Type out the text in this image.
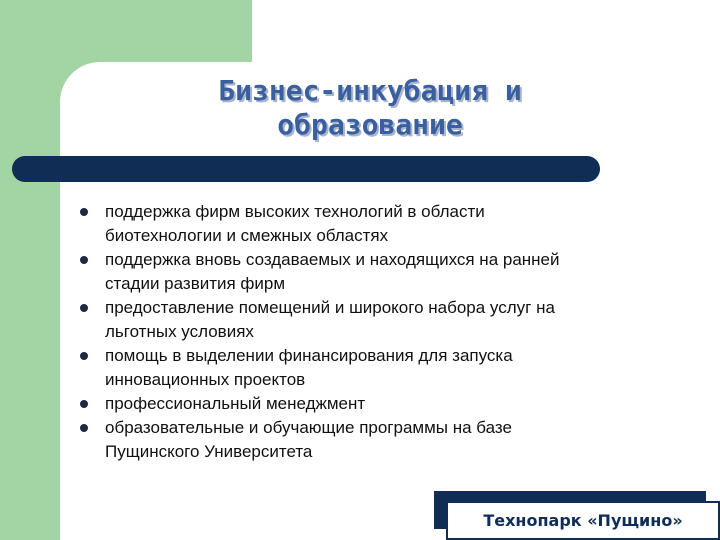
Бизнес-инкубация и
образование
поддержка фирм высоких технологий в области
биотехнологии и смежных областях
поддержка вновь создаваемых и находящихся на ранней
стадии развития фирм
предоставление помещений и широкого набора услуг на
льготных условиях
помощь в выделении финансирования для запуска
инновационных проектов
профессиональный менеджмент
образовательные и обучающие программы на базе
Пущинского Университета
Технопарк «Пущино»
